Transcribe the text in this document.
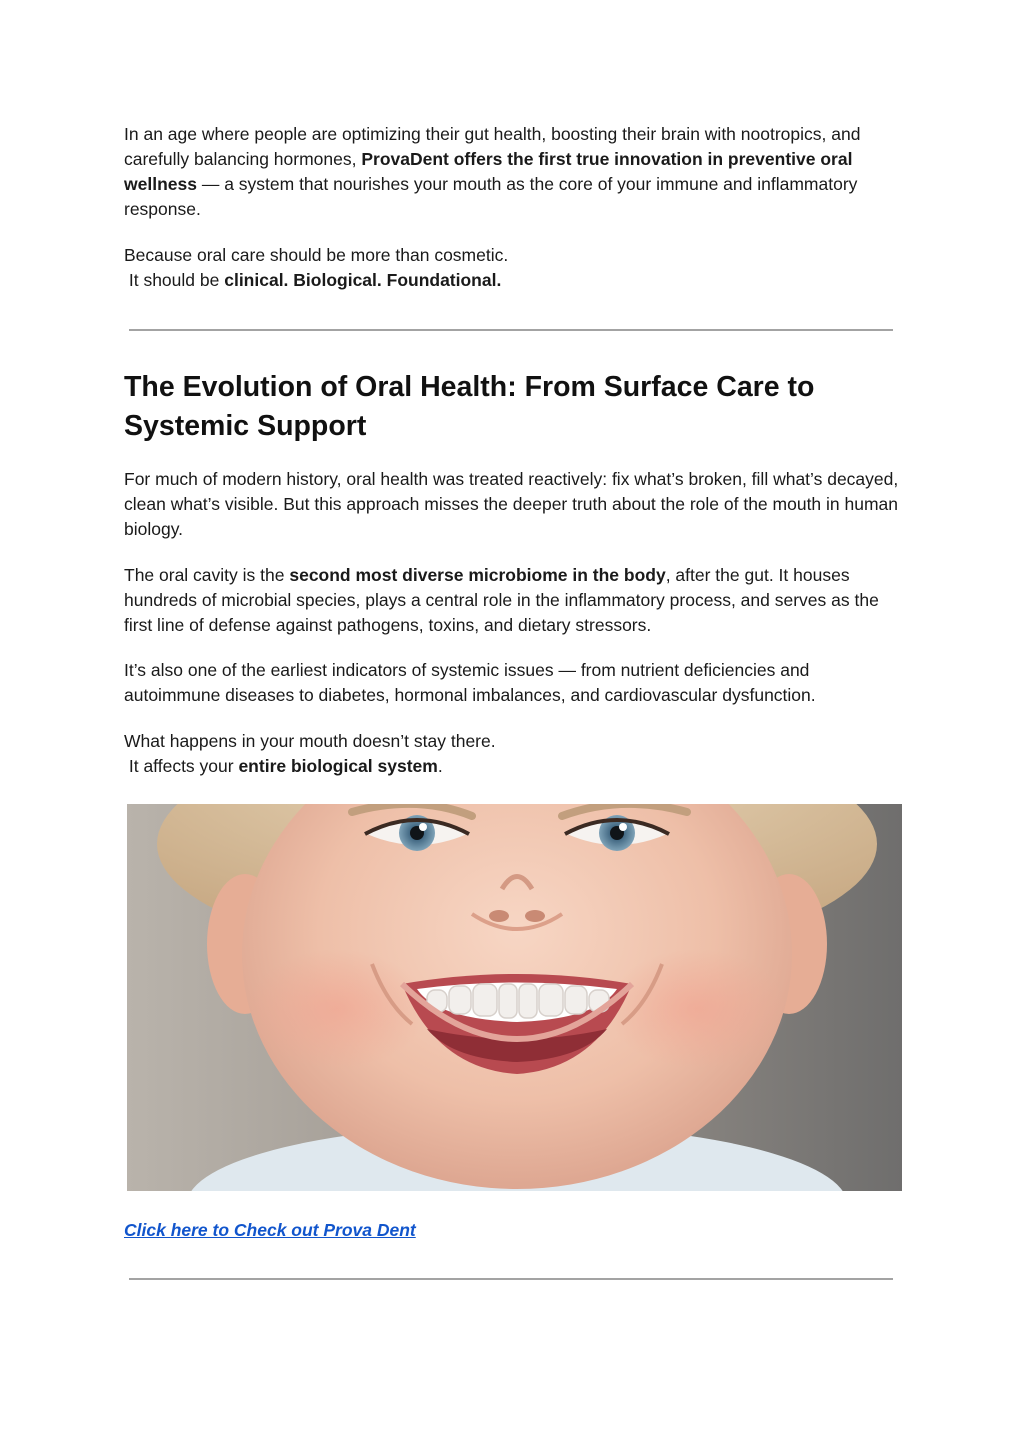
In an age where people are optimizing their gut health, boosting their brain with nootropics, and carefully balancing hormones, ProvaDent offers the first true innovation in preventive oral wellness — a system that nourishes your mouth as the core of your immune and inflammatory response.

Because oral care should be more than cosmetic.
It should be clinical. Biological. Foundational.

The Evolution of Oral Health: From Surface Care to Systemic Support

For much of modern history, oral health was treated reactively: fix what’s broken, fill what’s decayed, clean what’s visible. But this approach misses the deeper truth about the role of the mouth in human biology.

The oral cavity is the second most diverse microbiome in the body, after the gut. It houses hundreds of microbial species, plays a central role in the inflammatory process, and serves as the first line of defense against pathogens, toxins, and dietary stressors.

It’s also one of the earliest indicators of systemic issues — from nutrient deficiencies and autoimmune diseases to diabetes, hormonal imbalances, and cardiovascular dysfunction.

What happens in your mouth doesn’t stay there.
It affects your entire biological system.

Click here to Check out Prova Dent
